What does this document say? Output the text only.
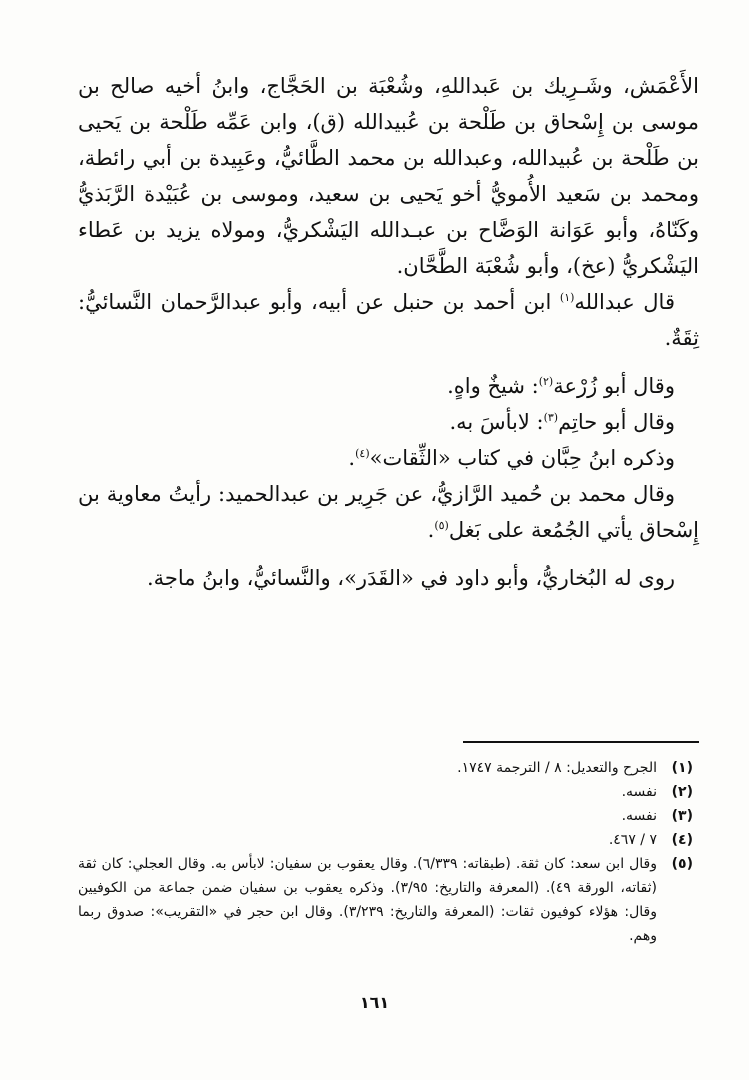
الأَعْمَش، وشَـرِيك بن عَبداللهِ، وشُعْبَة بن الحَجَّاج، وابنُ أخيه صالح بن موسى بن إِسْحاق بن طَلْحة بن عُبيدالله (ق)، وابن عَمِّه طَلْحة بن يَحيى بن طَلْحة بن عُبيدالله، وعبدالله بن محمد الطَّائيُّ، وعَبِيدة بن أبي رائطة، ومحمد بن سَعيد الأُمويُّ أخو يَحيى بن سعيد، وموسى بن عُبَيْدة الرَّبَذيُّ وكَنّاهُ، وأبو عَوَانة الوَضَّاح بن عبـدالله اليَشْكريُّ، ومولاه يزيد بن عَطاء اليَشْكريُّ (عخ)، وأبو شُعْبَة الطَّحَّان.

قال عبدالله$^{(١)}$ ابن أحمد بن حنبل عن أبيه، وأبو عبدالرَّحمان النَّسائيُّ: ثِقَةٌ.

وقال أبو زُرْعة$^{(٢)}$: شيخٌ واهٍ.

وقال أبو حاتِم$^{(٣)}$: لابأسَ به.

وذكره ابنُ حِبَّان في كتاب «الثِّقات»$^{(٤)}$.

وقال محمد بن حُميد الرَّازيُّ، عن جَرِير بن عبدالحميد: رأيتُ معاوية بن إِسْحاق يأتي الجُمُعة على بَغل$^{(٥)}$.

روى له البُخاريُّ، وأبو داود في «القَدَر»، والنَّسائيُّ، وابنُ ماجة.

(١)
الجرح والتعديل: ٨ / الترجمة ١٧٤٧.

(٢)
نفسه.

(٣)
نفسه.

(٤)
٧ / ٤٦٧.

(٥)
وقال ابن سعد: كان ثقة. (طبقاته: ٦/٣٣٩). وقال يعقوب بن سفيان: لابأس به. وقال العجلي: كان ثقة (ثقاته، الورقة ٤٩). (المعرفة والتاريخ: ٣/٩٥). وذكره يعقوب بن سفيان ضمن جماعة من الكوفيين وقال: هؤلاء كوفيون ثقات: (المعرفة والتاريخ: ٣/٢٣٩). وقال ابن حجر في «التقريب»: صدوق ربما وهم.

١٦١
